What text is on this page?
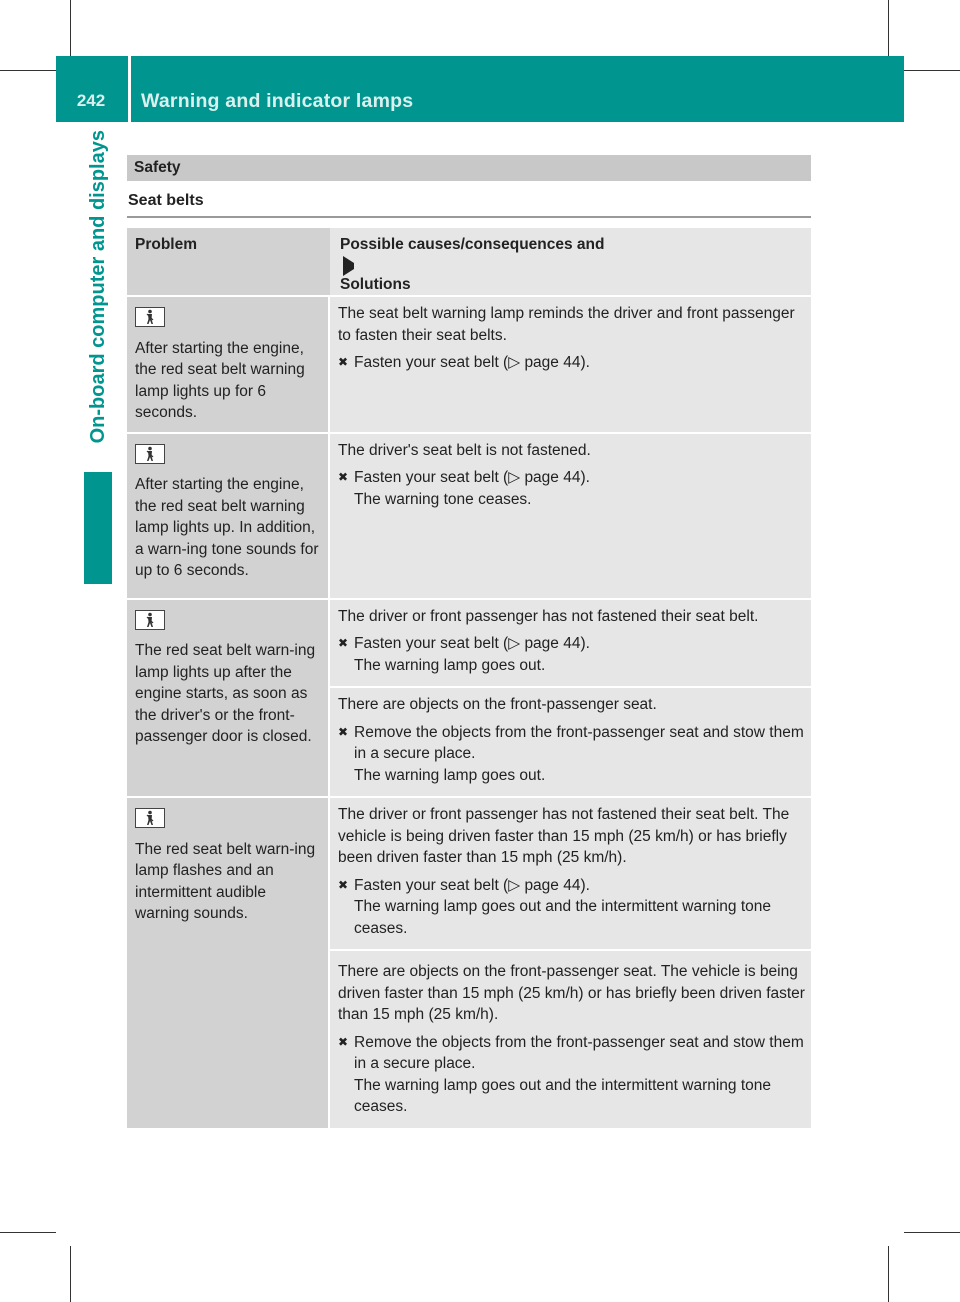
242	Warning and indicator lamps
On-board computer and displays Safety
Seat belts
Problem	Possible causes/consequences and
Solutions

After starting the engine, the red seat belt warning lamp lights up for 6 seconds.	The seat belt warning lamp reminds the driver and front passenger to fasten their seat belts.
✖ Fasten your seat belt (▷ page 44).

After starting the engine, the red seat belt warning lamp lights up. In addition, a warn-ing tone sounds for up to 6 seconds.	The driver's seat belt is not fastened.
✖ Fasten your seat belt (▷ page 44).
The warning tone ceases.

The red seat belt warn-ing lamp lights up after the engine starts, as soon as the driver's or the front-passenger door is closed.	The driver or front passenger has not fastened their seat belt.
✖ Fasten your seat belt (▷ page 44).
The warning lamp goes out.

	There are objects on the front-passenger seat.
✖ Remove the objects from the front-passenger seat and stow them in a secure place.
The warning lamp goes out.

The red seat belt warn-ing lamp flashes and an intermittent audible warning sounds.	The driver or front passenger has not fastened their seat belt. The vehicle is being driven faster than 15 mph (25 km/h) or has briefly been driven faster than 15 mph (25 km/h).
✖ Fasten your seat belt (▷ page 44).
The warning lamp goes out and the intermittent warning tone ceases.

	There are objects on the front-passenger seat. The vehicle is being driven faster than 15 mph (25 km/h) or has briefly been driven faster than 15 mph (25 km/h).
✖ Remove the objects from the front-passenger seat and stow them in a secure place.
The warning lamp goes out and the intermittent warning tone ceases.
